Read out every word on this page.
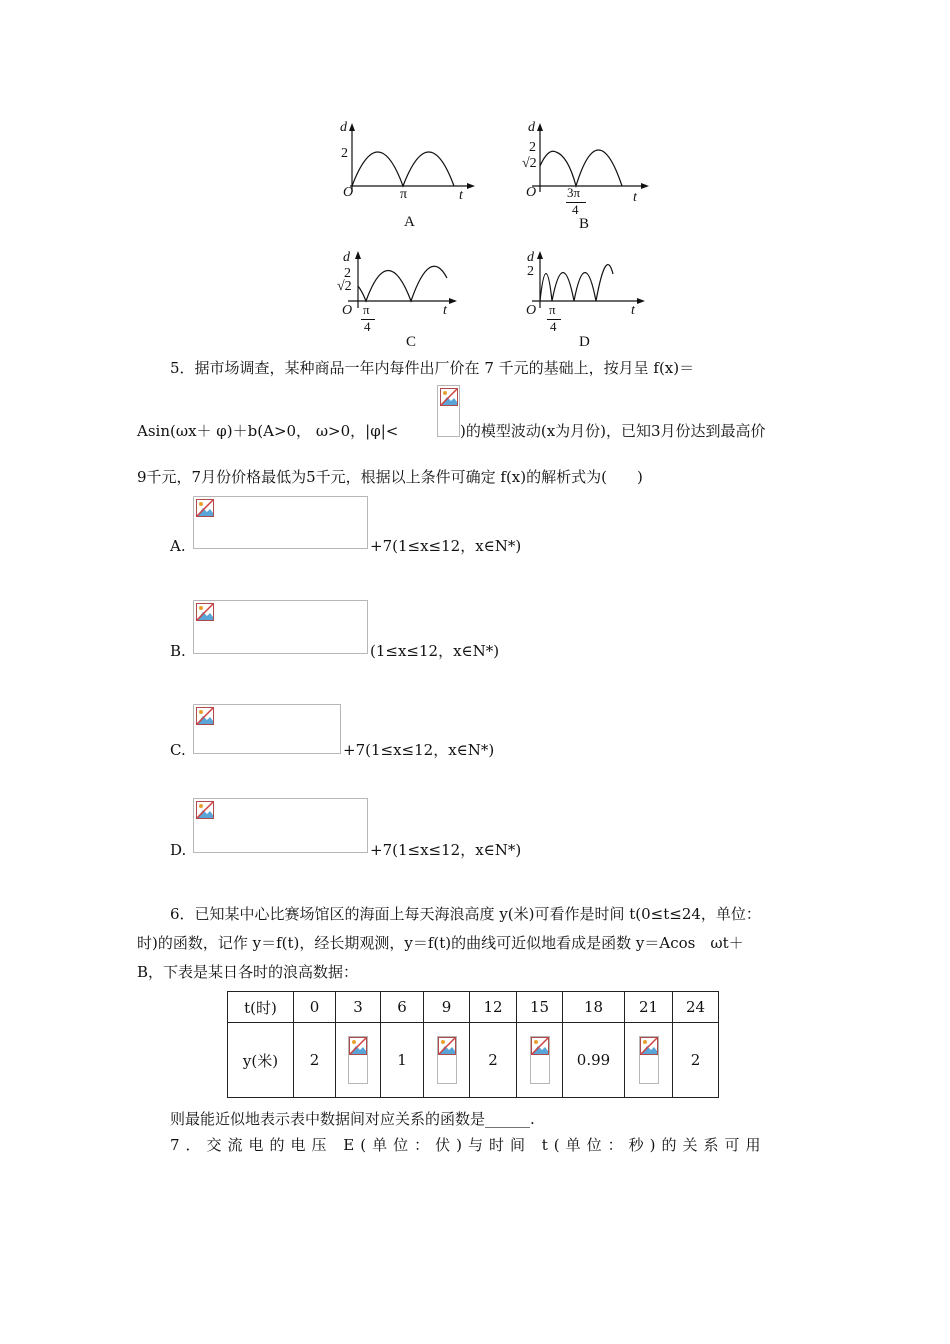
d
2
O	π	t
A
d
2
√2
O 3π
4
t
B
d
2
√2
O π
4
t
C
d
2
O π
4
t
D
5．据市场调查，某种商品一年内每件出厂价在 7 千元的基础上，按月呈 f(x)＝
Asin(ωx＋ φ)＋b(A>0， ω>0，|φ|<	)的模型波动(x为月份)，已知3月份达到最高价
9千元，7月份价格最低为5千元，根据以上条件可确定 f(x)的解析式为(　　)
A.	+7(1≤x≤12，x∈N*)
B.	(1≤x≤12，x∈N*)
C.	+7(1≤x≤12，x∈N*)
D.	+7(1≤x≤12，x∈N*)
6．已知某中心比赛场馆区的海面上每天海浪高度 y(米)可看作是时间 t(0≤t≤24，单位：
时)的函数，记作 y＝f(t)，经长期观测，y＝f(t)的曲线可近似地看成是函数 y＝Acos　ωt＋
B，下表是某日各时的浪高数据：
t(时)	0	3	6	9	12	15	18	21	24
y(米)	2		1		2		0.99		2
则最能近似地表示表中数据间对应关系的函数是______.
7．交流电的电压 E(单位：伏)与时间 t(单位：秒)的关系可用
